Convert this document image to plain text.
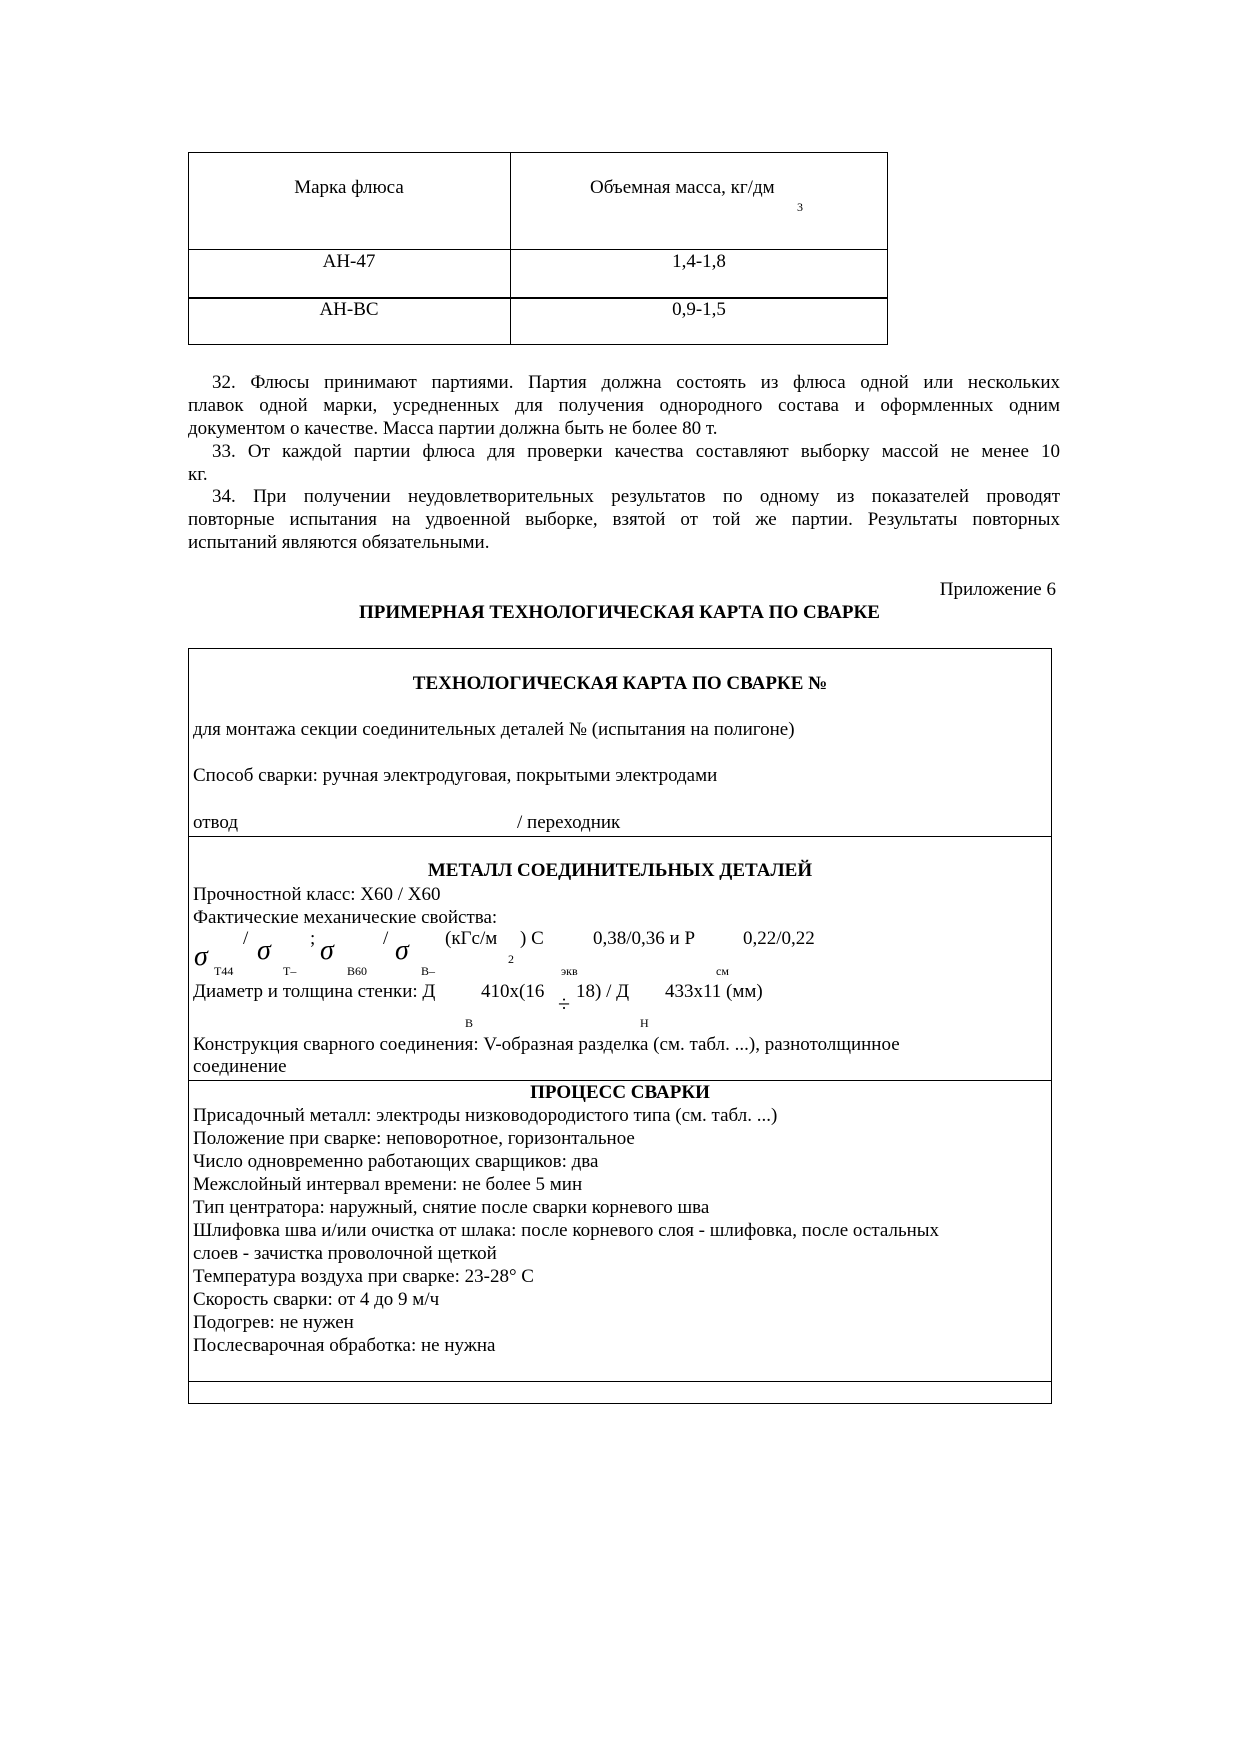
Марка флюса	Объемная масса, кг/дм
3
АН-47	1,4-1,8
АН-ВС	0,9-1,5
32. Флюсы принимают партиями. Партия должна состоять из флюса одной или нескольких
плавок одной марки, усредненных для получения однородного состава и оформленных одним
документом о качестве. Масса партии должна быть не более 80 т.
33. От каждой партии флюса для проверки качества составляют выборку массой не менее 10
кг.
34. При получении неудовлетворительных результатов по одному из показателей проводят
повторные испытания на удвоенной выборке, взятой от той же партии. Результаты повторных
испытаний являются обязательными.
Приложение 6
ПРИМЕРНАЯ ТЕХНОЛОГИЧЕСКАЯ КАРТА ПО СВАРКЕ
ТЕХНОЛОГИЧЕСКАЯ КАРТА ПО СВАРКЕ №
для монтажа секции соединительных деталей № (испытания на полигоне)
Способ сварки: ручная электродуговая, покрытыми электродами
отвод	/ переходник
МЕТАЛЛ СОЕДИНИТЕЛЬНЫХ ДЕТАЛЕЙ
Прочностной класс: Х60 / Х60
Фактические механические свойства:
/	;	/	(кГс/м
2
) С	0,38/0,36 и Р	0,22/0,22
σ Т44
σ
Т–
σ
В60
σ
В–	экв	см
Диаметр и толщина стенки: Д 410х(16 ÷ 18) / Д 433х11 (мм)
В	Н
Конструкция сварного соединения: V-образная разделка (см. табл. ...), разнотолщинное
соединение
ПРОЦЕСС СВАРКИ
Присадочный металл: электроды низководородистого типа (см. табл. ...)
Положение при сварке: неповоротное, горизонтальное
Число одновременно работающих сварщиков: два
Межслойный интервал времени: не более 5 мин
Тип центратора: наружный, снятие после сварки корневого шва
Шлифовка шва и/или очистка от шлака: после корневого слоя - шлифовка, после остальных
слоев - зачистка проволочной щеткой
Температура воздуха при сварке: 23-28° С
Скорость сварки: от 4 до 9 м/ч
Подогрев: не нужен
Послесварочная обработка: не нужна
